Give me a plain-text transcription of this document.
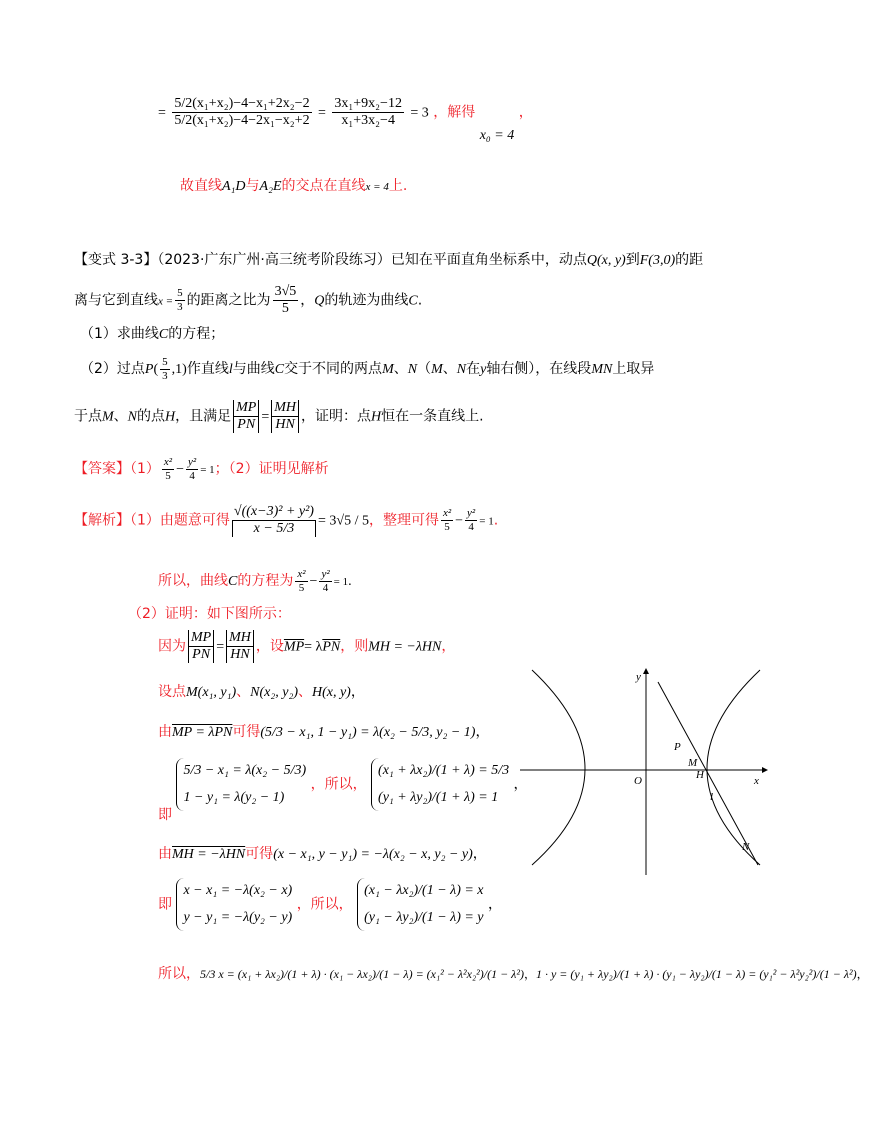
= $\frac{\text{5/2(x₁+x₂)−4−x₁+2x₂−2}}{\text{5/2(x₁+x₂)−4−2x₁−x₂+2}} = \frac{\text{3x₁+9x₂−12}}{\text{x₁+3x₂−4}} = 3$ ，解得 x₀ = 4 ，
故直线A₁D与A₂E的交点在直线x = 4上.
【变式 3-3】（2023·广东广州·高三统考阶段练习）已知在平面直角坐标系中，动点Q(x, y)到F(3,0)的距
离与它到直线$x = \frac{5}{3}$ 的距离之比为 $\frac{3√5}{5}$ ，Q的轨迹为曲线C.
（1）求曲线C的方程；
（2）过点$P( \frac{5}{3} ,1)$作直线l与曲线C交于不同的两点M、N（M、N在y轴右侧），在线段MN上取异
于点M、N的点H，且满足 $\frac{MP}{PN} = \frac{MH}{HN}$ ，证明：点H恒在一条直线上.
【答案】$(1) \frac{\text{x²}}{5} - \frac{\text{y²}}{4} = 1$；（2）证明见解析
【解析】（1）由题意可得 $\frac{\text{√((x−3)² + y²)}}{x - 5/3} = 3√5 / 5$，整理可得 $\frac{\text{x²}}{5} - \frac{\text{y²}}{4} = 1$.
所以，曲线C的方程为 $\frac{\text{x²}}{5} - \frac{\text{y²}}{4} = 1$.
（2）证明：如下图所示：
因为 $\frac{MP}{PN} = \frac{MH}{HN}$ ，设$\overline{MP}= \lambda\overline{PN}$，则MH = −λHN，
设点M(x₁, y₁)、N(x₂, y₂)、H(x, y)，
由MP = λPN可得(5/3 − x₁, 1 − y₁) = λ(x₂ − 5/3, y₂ − 1)，
即
5/3 − x₁ = λ(x₂ − 5/3)
1 − y₁ = λ(y₂ − 1)
，所以，
(x₁ + λx₂)/(1 + λ) = 5/3
(y₁ + λy₂)/(1 + λ) = 1
，
由MH = −λHN可得(x − x₁, y − y₁) = −λ(x₂ − x, y₂ − y)，
即
x − x₁ = −λ(x₂ − x)
y − y₁ = −λ(y₂ − y)
，所以，
(x₁ − λx₂)/(1 − λ) = x
(y₁ − λy₂)/(1 − λ) = y
，
所以，5/3 x = (x₁ + λx₂)/(1 + λ) · (x₁ − λx₂)/(1 − λ) = (x₁² − λ²x₂²)/(1 − λ²)，1 · y = (y₁ + λy₂)/(1 + λ) · (y₁ − λy₂)/(1 − λ) = (y₁² − λ²y₂²)/(1 − λ²)，
y
x
O
P
M
H
l
N
